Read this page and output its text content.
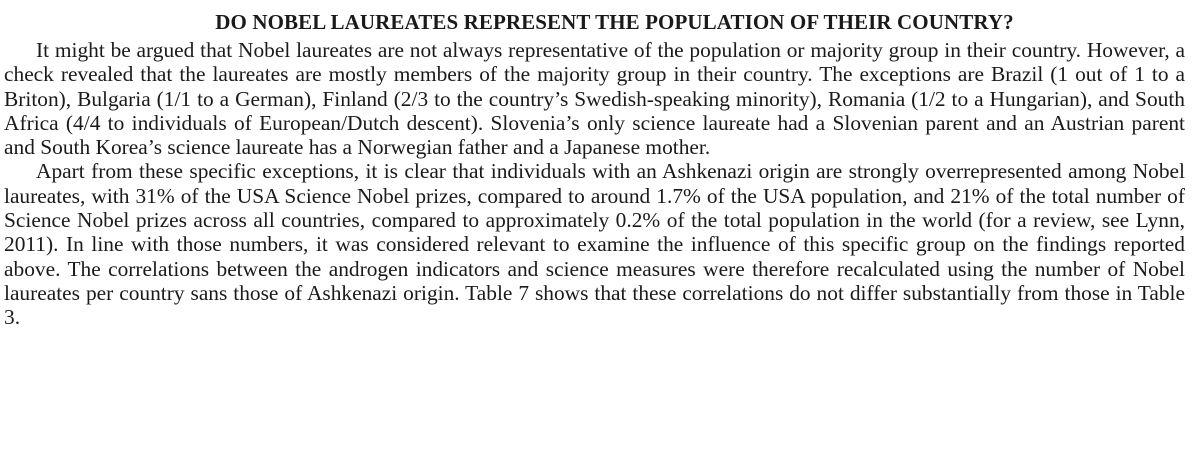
DO NOBEL LAUREATES REPRESENT THE POPULATION OF THEIR COUNTRY?

It might be argued that Nobel laureates are not always representative of the population or majority group in their country. However, a check revealed that the laureates are mostly members of the majority group in their country. The exceptions are Brazil (1 out of 1 to a Briton), Bulgaria (1/1 to a German), Finland (2/3 to the country’s Swedish-speaking minority), Romania (1/2 to a Hungarian), and South Africa (4/4 to individuals of European/Dutch descent). Slovenia’s only science laureate had a Slovenian parent and an Austrian parent and South Korea’s science laureate has a Norwegian father and a Japanese mother.

Apart from these specific exceptions, it is clear that individuals with an Ashkenazi origin are strongly overrepresented among Nobel laureates, with 31% of the USA Science Nobel prizes, compared to around 1.7% of the USA population, and 21% of the total number of Science Nobel prizes across all countries, compared to approximately 0.2% of the total population in the world (for a review, see Lynn, 2011). In line with those numbers, it was considered relevant to examine the influence of this specific group on the findings reported above. The correlations between the androgen indicators and science measures were therefore recalculated using the number of Nobel laureates per country sans those of Ashkenazi origin. Table 7 shows that these correlations do not differ substantially from those in Table 3.
